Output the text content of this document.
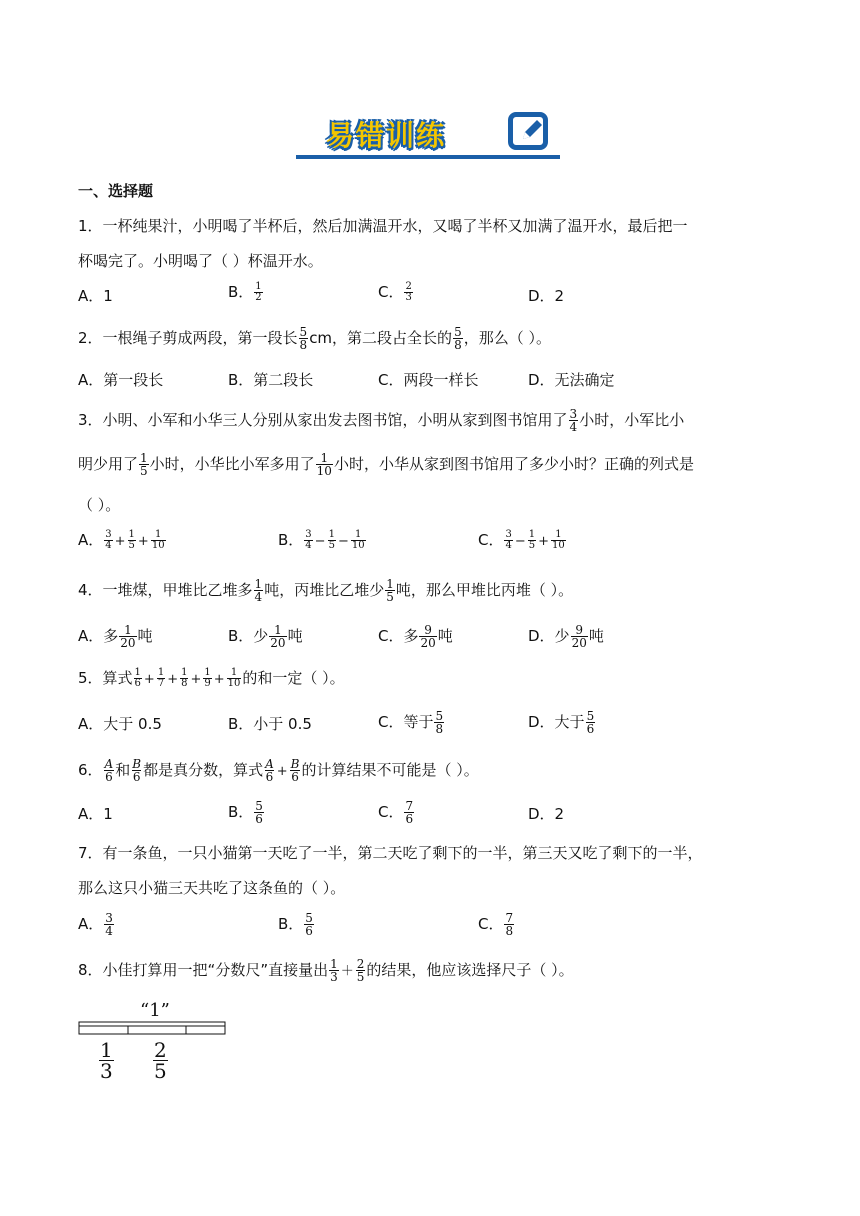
易错训练
一、选择题
1．一杯纯果汁，小明喝了半杯后，然后加满温开水，又喝了半杯又加满了温开水，最后把一
杯喝完了。小明喝了（ ）杯温开水。
A．1	B． $\frac{1}{2}$	C． $\frac{2}{3}$	D．2
2．一根绳子剪成两段，第一段长 $\frac{5}{8}$ cm，第二段占全长的 $\frac{5}{8}$ ，那么（ ）。
A．第一段长	B．第二段长	C．两段一样长	D．无法确定
3．小明、小军和小华三人分别从家出发去图书馆，小明从家到图书馆用了 $\frac{3}{4}$ 小时，小军比小
明少用了 $\frac{1}{5}$ 小时，小华比小军多用了 $\frac{1}{10}$ 小时，小华从家到图书馆用了多少小时？正确的列式是
（ ）。
A． $\frac{3}{4} + \frac{1}{5} + \frac{1}{10}$	B． $\frac{3}{4} - \frac{1}{5} - \frac{1}{10}$	C． $\frac{3}{4} - \frac{1}{5} + \frac{1}{10}$
4．一堆煤，甲堆比乙堆多 $\frac{1}{4}$ 吨，丙堆比乙堆少 $\frac{1}{5}$ 吨，那么甲堆比丙堆（ ）。
A．多 $\frac{1}{20}$ 吨	B．少 $\frac{1}{20}$ 吨	C．多 $\frac{9}{20}$ 吨	D．少 $\frac{9}{20}$ 吨
5．算式 $\frac{1}{6} + \frac{1}{7} + \frac{1}{8} + \frac{1}{9} + \frac{1}{10}$ 的和一定（ ）。
A．大于 0.5	B．小于 0.5	C．等于 $\frac{5}{8}$	D．大于 $\frac{5}{6}$
6． $\frac{A}{6}$ 和 $\frac{B}{6}$ 都是真分数，算式 $\frac{A}{6} + \frac{B}{6}$ 的计算结果不可能是（ ）。
A．1	B． $\frac{5}{6}$	C． $\frac{7}{6}$	D．2
7．有一条鱼，一只小猫第一天吃了一半，第二天吃了剩下的一半，第三天又吃了剩下的一半，
那么这只小猫三天共吃了这条鱼的（ ）。
A． $\frac{3}{4}$	B． $\frac{5}{6}$	C． $\frac{7}{8}$
8．小佳打算用一把“分数尺”直接量出 $\frac{1}{3} + \frac{2}{5}$ 的结果，他应该选择尺子（ ）。
“1”
$\frac{1}{3} \frac{2}{5}$
